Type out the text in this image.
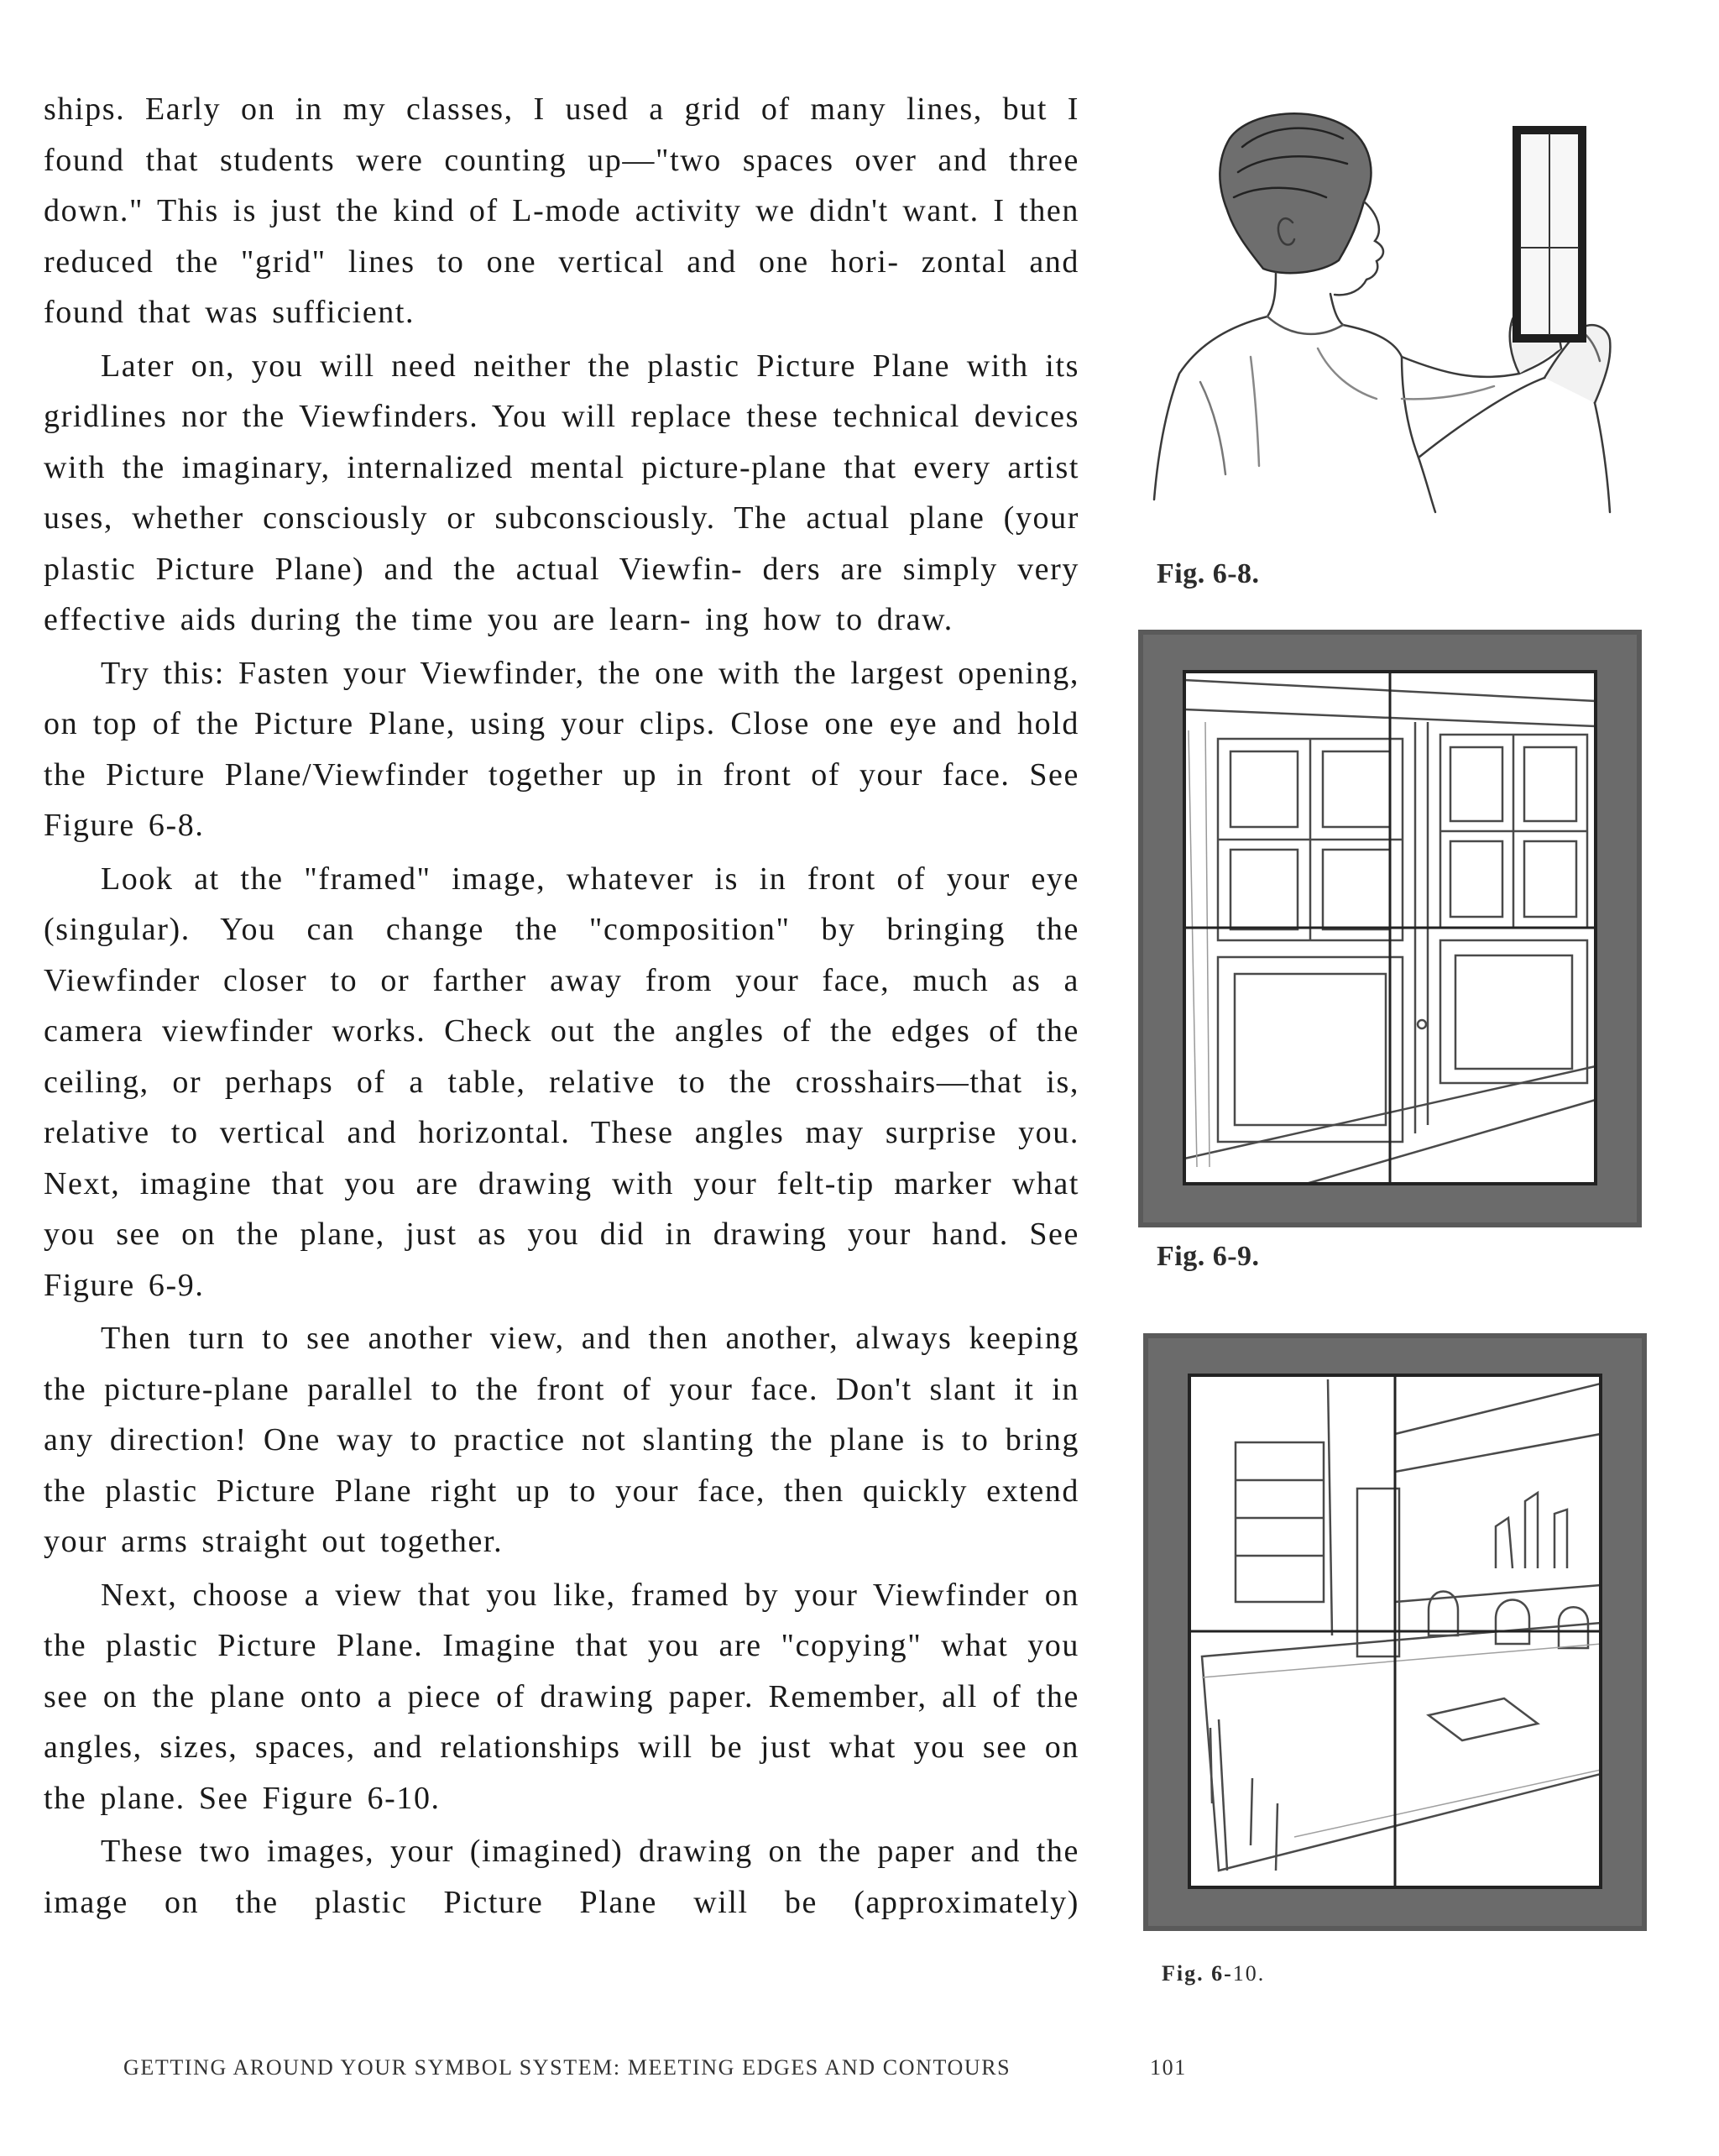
ships. Early on in my classes, I used a grid of many lines, but I found that students were counting up—"two spaces over and three down." This is just the kind of L-mode activity we didn't want. I then reduced the "grid" lines to one vertical and one hori- zontal and found that was sufficient.

Later on, you will need neither the plastic Picture Plane with its gridlines nor the Viewfinders. You will replace these technical devices with the imaginary, internalized mental picture-plane that every artist uses, whether consciously or subconsciously. The actual plane (your plastic Picture Plane) and the actual Viewfin- ders are simply very effective aids during the time you are learn- ing how to draw.

Try this: Fasten your Viewfinder, the one with the largest opening, on top of the Picture Plane, using your clips. Close one eye and hold the Picture Plane/Viewfinder together up in front of your face. See Figure 6-8.

Look at the "framed" image, whatever is in front of your eye (singular). You can change the "composition" by bringing the Viewfinder closer to or farther away from your face, much as a camera viewfinder works. Check out the angles of the edges of the ceiling, or perhaps of a table, relative to the crosshairs—that is, relative to vertical and horizontal. These angles may surprise you. Next, imagine that you are drawing with your felt-tip marker what you see on the plane, just as you did in drawing your hand. See Figure 6-9.

Then turn to see another view, and then another, always keeping the picture-plane parallel to the front of your face. Don't slant it in any direction! One way to practice not slanting the plane is to bring the plastic Picture Plane right up to your face, then quickly extend your arms straight out together.

Next, choose a view that you like, framed by your Viewfinder on the plastic Picture Plane. Imagine that you are "copying" what you see on the plane onto a piece of drawing paper. Remember, all of the angles, sizes, spaces, and relationships will be just what you see on the plane. See Figure 6-10.

These two images, your (imagined) drawing on the paper and the image on the plastic Picture Plane will be (approximately)

Fig. 6-8.
Fig. 6-9.
Fig. 6-10.
GETTING AROUND YOUR SYMBOL SYSTEM: MEETING EDGES AND CONTOURS	101
